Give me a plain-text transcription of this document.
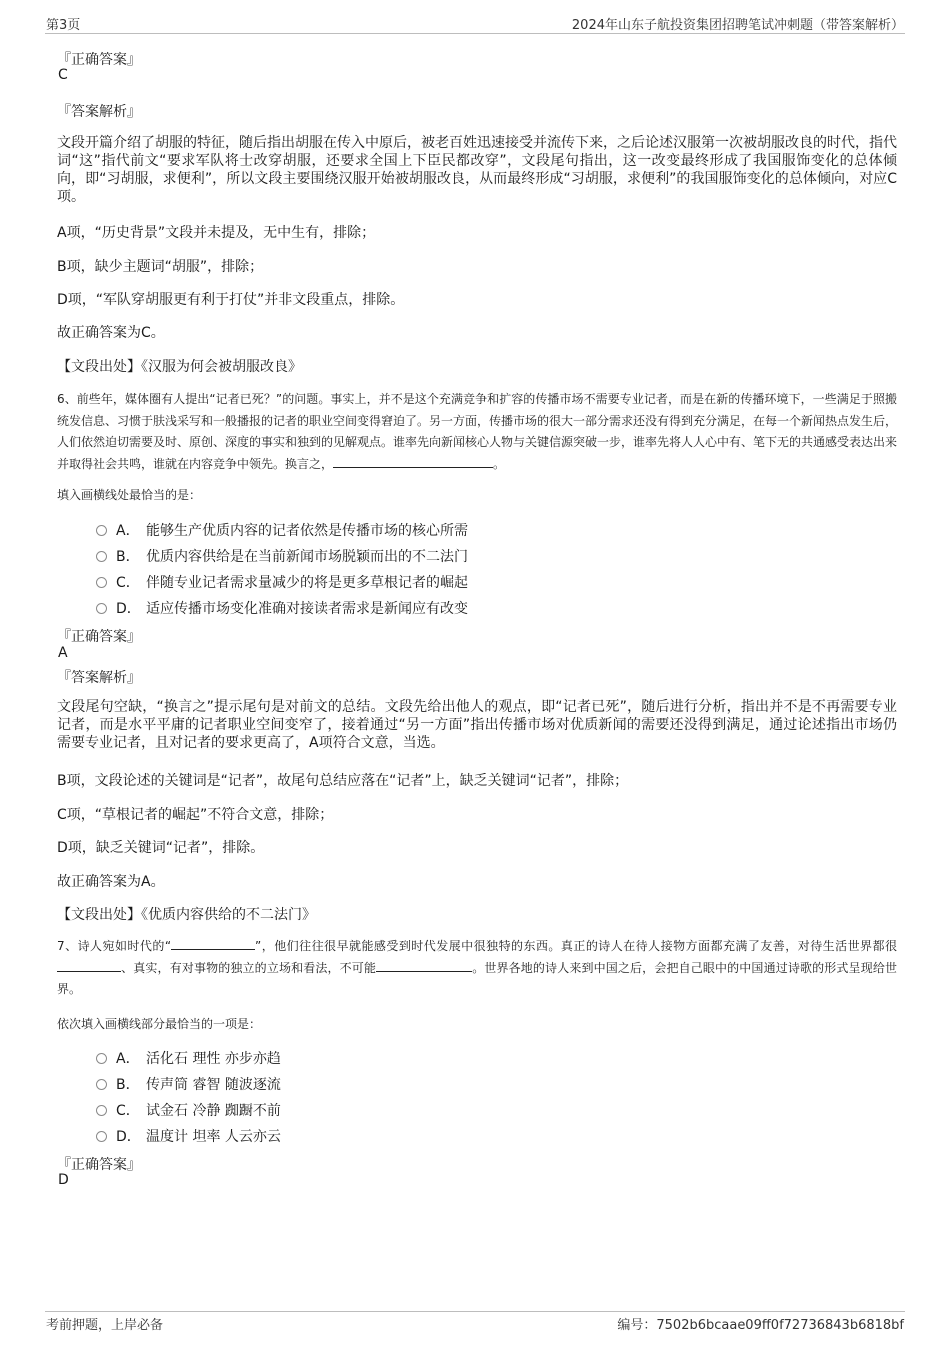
第3页	2024年山东子航投资集团招聘笔试冲刺题（带答案解析）
『正确答案』
C
『答案解析』
文段开篇介绍了胡服的特征，随后指出胡服在传入中原后，被老百姓迅速接受并流传下来，之后论述汉服第一次被胡服改良的时代，指代词“这”指代前文“要求军队将士改穿胡服，还要求全国上下臣民都改穿”，文段尾句指出，这一改变最终形成了我国服饰变化的总体倾向，即“习胡服，求便利”，所以文段主要围绕汉服开始被胡服改良，从而最终形成“习胡服，求便利”的我国服饰变化的总体倾向，对应C项。
A项，“历史背景”文段并未提及，无中生有，排除；
B项，缺少主题词“胡服”，排除；
D项，“军队穿胡服更有利于打仗”并非文段重点，排除。
故正确答案为C。
【文段出处】《汉服为何会被胡服改良》
6、前些年，媒体圈有人提出“记者已死？”的问题。事实上，并不是这个充满竞争和扩容的传播市场不需要专业记者，而是在新的传播环境下，一些满足于照搬统发信息、习惯于肤浅采写和一般播报的记者的职业空间变得窘迫了。另一方面，传播市场的很大一部分需求还没有得到充分满足，在每一个新闻热点发生后，人们依然迫切需要及时、原创、深度的事实和独到的见解观点。谁率先向新闻核心人物与关键信源突破一步，谁率先将人人心中有、笔下无的共通感受表达出来并取得社会共鸣，谁就在内容竞争中领先。换言之，	。
填入画横线处最恰当的是：
A． 能够生产优质内容的记者依然是传播市场的核心所需
B． 优质内容供给是在当前新闻市场脱颖而出的不二法门
C． 伴随专业记者需求量减少的将是更多草根记者的崛起
D． 适应传播市场变化准确对接读者需求是新闻应有改变
『正确答案』
A
『答案解析』
文段尾句空缺，“换言之”提示尾句是对前文的总结。文段先给出他人的观点，即“记者已死”，随后进行分析，指出并不是不再需要专业记者，而是水平平庸的记者职业空间变窄了，接着通过“另一方面”指出传播市场对优质新闻的需要还没得到满足，通过论述指出市场仍需要专业记者，且对记者的要求更高了，A项符合文意，当选。
B项，文段论述的关键词是“记者”，故尾句总结应落在“记者”上，缺乏关键词“记者”，排除；
C项，“草根记者的崛起”不符合文意，排除；
D项，缺乏关键词“记者”，排除。
故正确答案为A。
【文段出处】《优质内容供给的不二法门》
7、诗人宛如时代的“	”，他们往往很早就能感受到时代发展中很独特的东西。真正的诗人在待人接物方面都充满了友善，对待生活世界都很、真实，有对事物的独立的立场和看法，不可能	。世界各地的诗人来到中国之后，会把自己眼中的中国通过诗歌的形式呈现给世界。
依次填入画横线部分最恰当的一项是：
A． 活化石 理性 亦步亦趋
B． 传声筒 睿智 随波逐流
C． 试金石 冷静 踟蹰不前
D． 温度计 坦率 人云亦云
『正确答案』
D
考前押题，上岸必备	编号：7502b6bcaae09ff0f72736843b6818bf
